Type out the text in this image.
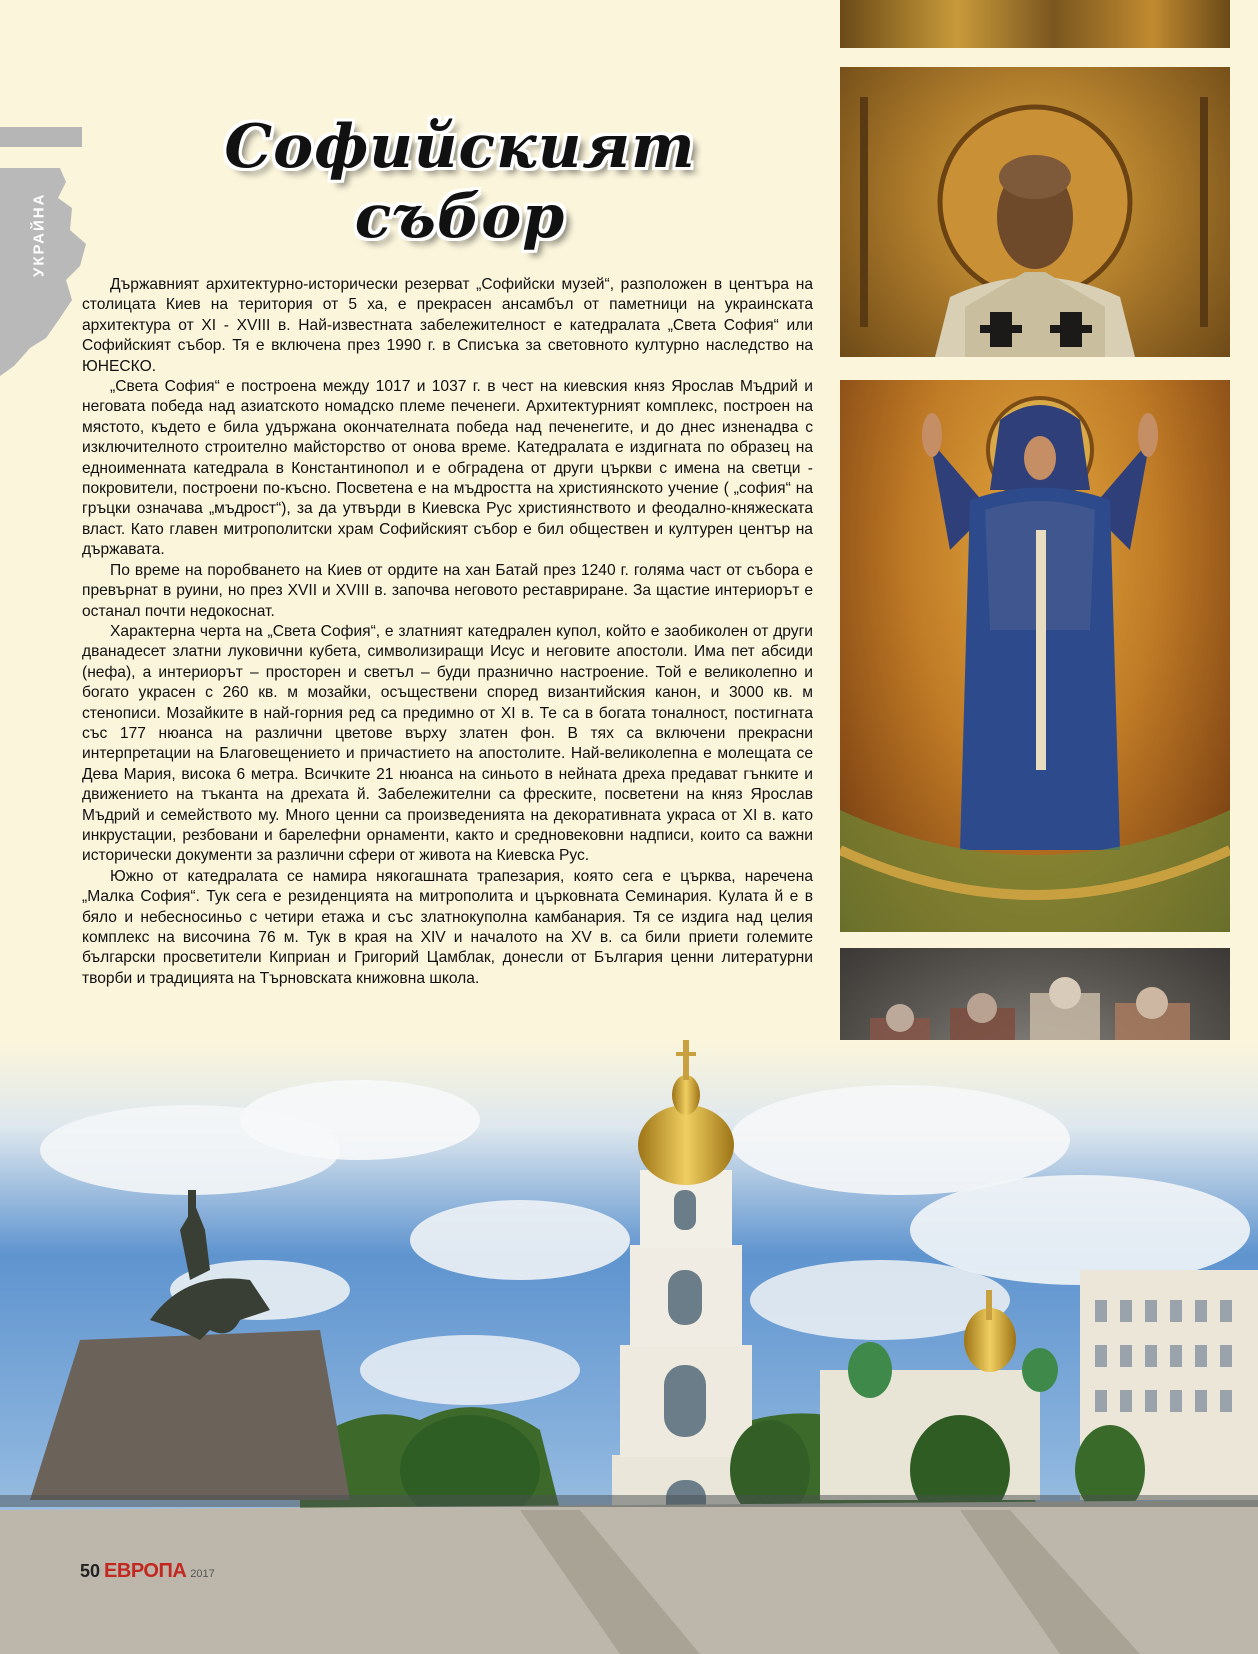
УКРАЙНА
Софийският събор

Държавният архитектурно-исторически резерват „Софийски музей“, разположен в центъра на столицата Киев на територия от 5 ха, е прекрасен ансамбъл от паметници на украинската архитектура от XI - XVIII в. Най-известната забележителност е катедралата „Света София“ или Софийският събор. Тя е включена през 1990 г. в Списъка за световното културно наследство на ЮНЕСКО.

„Света София“ е построена между 1017 и 1037 г. в чест на киевския княз Ярослав Мъдрий и неговата победа над азиатското номадско племе печенеги. Архитектурният комплекс, построен на мястото, където е била удържана окончателната победа над печенегите, и до днес изненадва с изключителното строително майсторство от онова време. Катедралата е издигната по образец на едноименната катедрала в Константинопол и е обградена от други църкви с имена на светци - покровители, построени по-късно. Посветена е на мъдростта на християнското учение ( „софия“ на гръцки означава „мъдрост“), за да утвърди в Киевска Рус християнството и феодално-княжеската власт. Като главен митрополитски храм Софийският събор е бил обществен и културен център на държавата.

По време на поробването на Киев от ордите на хан Батай през 1240 г. голяма част от събора е превърнат в руини, но през XVII и XVIII в. започва неговото реставриране. За щастие интериорът е останал почти недокоснат.

Характерна черта на „Света София“, е златният катедрален купол, който е заобиколен от други дванадесет златни луковични кубета, символизиращи Исус и неговите апостоли. Има пет абсиди (нефа), а интериорът – просторен и светъл – буди празнично настроение. Той е великолепно и богато украсен с 260 кв. м мозайки, осъществени според византийския канон, и 3000 кв. м стенописи. Мозайките в най-горния ред са предимно от XI в. Те са в богата тоналност, постигната със 177 нюанса на различни цветове върху златен фон. В тях са включени прекрасни интерпретации на Благовещението и причастието на апостолите. Най-великолепна е молещата се Дева Мария, висока 6 метра. Всичките 21 нюанса на синьото в нейната дреха предават гънките и движението на тъканта на дрехата й. Забележителни са фреските, посветени на княз Ярослав Мъдрий и семейството му. Много ценни са произведенията на декоративната украса от XI в. като инкрустации, резбовани и барелефни орнаменти, както и средновековни надписи, които са важни исторически документи за различни сфери от живота на Киевска Рус.

Южно от катедралата се намира някогашната трапезария, която сега е църква, наречена „Малка София“. Тук сега е резиденцията на митрополита и църковната Семинария. Кулата й е в бяло и небесносиньо с четири етажа и със златнокуполна камбанария. Тя се издига над целия комплекс на височина 76 м. Тук в края на XIV и началото на XV в. са били приети големите български просветители Киприан и Григорий Цамблак, донесли от България ценни литературни творби и традицията на Търновската книжовна школа.

50 ЕВРОПА 2017
